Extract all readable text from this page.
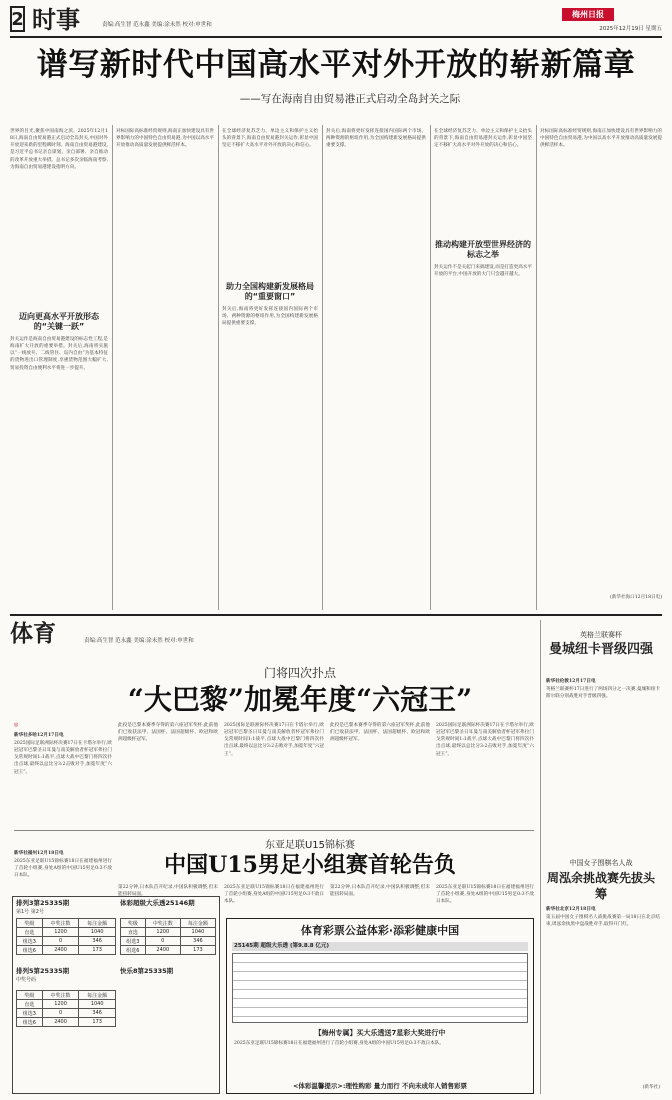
2 时事	责编:高生智 范永鑫 美编:涂未然 校对:申世和
梅州日报
2025年12月19日 星期五
谱写新时代中国高水平对外开放的崭新篇章
——写在海南自由贸易港正式启动全岛封关之际
世界的目光,聚焦中国南海之滨。2025年12月18日,海南自由贸易港正式启动全岛封关,中国对外开放迎来新的里程碑时刻。海南自由贸易港建设,是习近平总书记亲自谋划、亲自部署、亲自推动的改革开放重大举措。总书记多次亲临海南考察,为海南自由贸易港建设指明方向。
迈向更高水平开放形态的“关键一跃”
封关运作是海南自由贸易港建设的标志性工程,是海南扩大开放的重要举措。封关后,海南将实施以“一线放开、二线管住、岛内自由”为基本特征的货物进出口管理制度,享惠货物范围大幅扩大,贸易投资自由便利水平将进一步提升。
对标国际高标准经贸规则,海南正加快建设具有世界影响力的中国特色自由贸易港,为中国以高水平开放推动高质量发展提供鲜活样本。
在全球经济复苏乏力、单边主义和保护主义抬头的背景下,海南自由贸易港封关运作,彰显中国坚定不移扩大高水平对外开放的决心和信心。
助力全国构建新发展格局的“重要窗口”
封关后,海南将更好发挥连接国内国际两个市场、两种资源的枢纽作用,为全国构建新发展格局提供重要支撑。
封关后,海南将更好发挥连接国内国际两个市场、两种资源的枢纽作用,为全国构建新发展格局提供重要支撑。
在全球经济复苏乏力、单边主义和保护主义抬头的背景下,海南自由贸易港封关运作,彰显中国坚定不移扩大高水平对外开放的决心和信心。
推动构建开放型世界经济的标志之举
封关运作不是关起门来搞建设,而是打造更高水平开放的平台,中国开放的大门只会越开越大。
对标国际高标准经贸规则,海南正加快建设具有世界影响力的中国特色自由贸易港,为中国以高水平开放推动高质量发展提供鲜活样本。
(新华社海口12月18日电)
体育	责编:高生智 范永鑫 美编:涂未然 校对:申世和
门将四次扑点
“大巴黎”加冕年度“六冠王”
◎
新华社多哈12月17日电
2025国际足联洲际杯决赛17日在卡塔尔举行,欧冠冠军巴黎圣日耳曼与南美解放者杯冠军弗拉门戈常规时间1:1战平,点球大战中巴黎门将四次扑出点球,最终以总比分3:2击败对手,加冕年度“六冠王”。
此役是巴黎本赛季夺得的第六座冠军奖杯,此前他们已收获法甲、法国杯、法国超级杯、欧冠和欧洲超级杯冠军。
2025国际足联洲际杯决赛17日在卡塔尔举行,欧冠冠军巴黎圣日耳曼与南美解放者杯冠军弗拉门戈常规时间1:1战平,点球大战中巴黎门将四次扑出点球,最终以总比分3:2击败对手,加冕年度“六冠王”。
此役是巴黎本赛季夺得的第六座冠军奖杯,此前他们已收获法甲、法国杯、法国超级杯、欧冠和欧洲超级杯冠军。
2025国际足联洲际杯决赛17日在卡塔尔举行,欧冠冠军巴黎圣日耳曼与南美解放者杯冠军弗拉门戈常规时间1:1战平,点球大战中巴黎门将四次扑出点球,最终以总比分3:2击败对手,加冕年度“六冠王”。
东亚足联U15锦标赛
中国U15男足小组赛首轮告负
新华社福州12月18日电
2025东亚足联U15锦标赛18日在福建福州进行了首轮小组赛,身处A组的中国U15男足0:3不敌日本队。
第22分钟,日本队首开纪录,中国队积极调整,但未能扭转局面。
2025东亚足联U15锦标赛18日在福建福州进行了首轮小组赛,身处A组的中国U15男足0:3不敌日本队。
第22分钟,日本队首开纪录,中国队积极调整,但未能扭转局面。
2025东亚足联U15锦标赛18日在福建福州进行了首轮小组赛,身处A组的中国U15男足0:3不敌日本队。
排列3第25335期
第1号 第2号
体彩超级大乐透25146期
奖级	中奖注数	每注金额
直选	1200	1040
组选3	0	346
组选6	2400	173
排列5第25335期
中奖号码
奖级	中奖注数	每注金额
直选	1200	1040
组选3	0	346
组选6	2400	173
快乐8第25335期
奖级	中奖注数	每注金额
直选	1200	1040
组选3	0	346
组选6	2400	173
体育彩票公益体彩·添彩健康中国
25145期 超级大乐透 (第9.8.8 亿元)
【梅州专属】买大乐透送7星彩大奖进行中
2025东亚足联U15锦标赛18日在福建福州进行了首轮小组赛,身处A组的中国U15男足0:3不敌日本队。
<体彩温馨提示>:理性购彩 量力而行 不向未成年人销售彩票
英格兰联赛杯
曼城纽卡晋级四强
新华社伦敦12月17日电
英格兰联赛杯17日进行了两场四分之一决赛,曼城和纽卡斯尔联分别战胜对手晋级四强。
中国女子围棋名人战
周泓余挑战赛先拔头筹
新华社北京12月18日电
第五届中国女子围棋名人战挑战赛第一局18日在北京结束,周泓余执黑中盘战胜对手,取得开门红。
(新华社)
